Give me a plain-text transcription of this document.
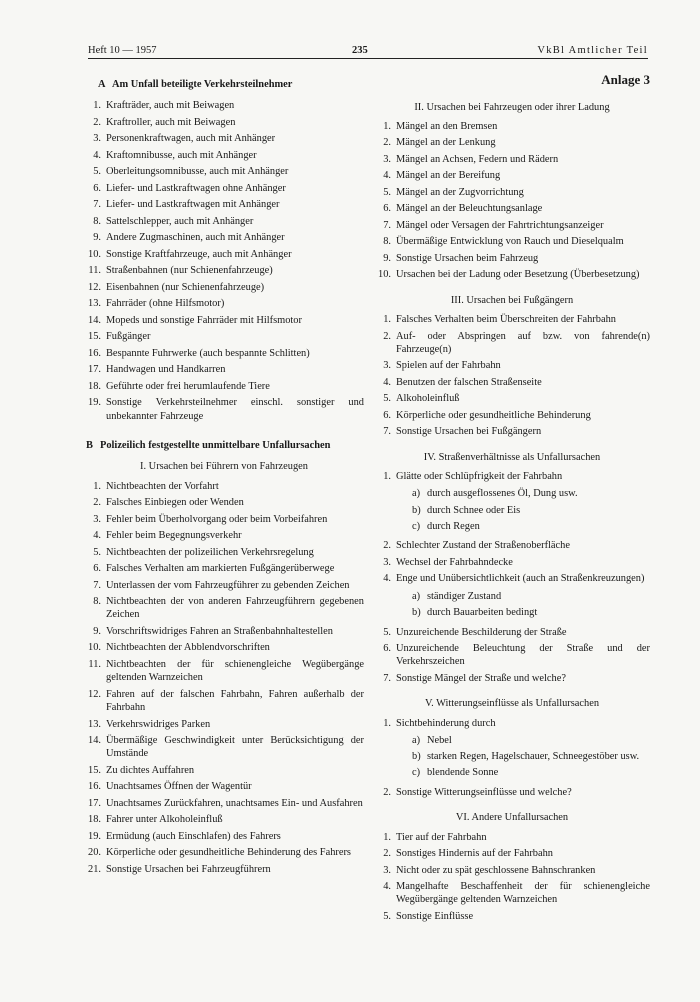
Heft 10 — 1957	235	VkBl Amtlicher Teil
A Am Unfall beteiligte Verkehrsteilnehmer
1. Krafträder, auch mit Beiwagen
2. Kraftroller, auch mit Beiwagen
3. Personenkraftwagen, auch mit Anhänger
4. Kraftomnibusse, auch mit Anhänger
5. Oberleitungsomnibusse, auch mit Anhänger
6. Liefer- und Lastkraftwagen ohne Anhänger
7. Liefer- und Lastkraftwagen mit Anhänger
8. Sattelschlepper, auch mit Anhänger
9. Andere Zugmaschinen, auch mit Anhänger
10. Sonstige Kraftfahrzeuge, auch mit Anhänger
11. Straßenbahnen (nur Schienenfahrzeuge)
12. Eisenbahnen (nur Schienenfahrzeuge)
13. Fahrräder (ohne Hilfsmotor)
14. Mopeds und sonstige Fahrräder mit Hilfsmotor
15. Fußgänger
16. Bespannte Fuhrwerke (auch bespannte Schlitten)
17. Handwagen und Handkarren
18. Geführte oder frei herumlaufende Tiere
19. Sonstige Verkehrsteilnehmer einschl. sonstiger und unbekannter Fahrzeuge
B Polizeilich festgestellte unmittelbare Unfallursachen
I. Ursachen bei Führern von Fahrzeugen
1. Nichtbeachten der Vorfahrt
2. Falsches Einbiegen oder Wenden
3. Fehler beim Überholvorgang oder beim Vorbeifahren
4. Fehler beim Begegnungsverkehr
5. Nichtbeachten der polizeilichen Verkehrsregelung
6. Falsches Verhalten am markierten Fußgängerüberwege
7. Unterlassen der vom Fahrzeugführer zu gebenden Zeichen
8. Nichtbeachten der von anderen Fahrzeugführern gegebenen Zeichen
9. Vorschriftswidriges Fahren an Straßenbahnhaltestellen
10. Nichtbeachten der Abblendvorschriften
11. Nichtbeachten der für schienengleiche Wegübergänge geltenden Warnzeichen
12. Fahren auf der falschen Fahrbahn, Fahren außerhalb der Fahrbahn
13. Verkehrswidriges Parken
14. Übermäßige Geschwindigkeit unter Berücksichtigung der Umstände
15. Zu dichtes Auffahren
16. Unachtsames Öffnen der Wagentür
17. Unachtsames Zurückfahren, unachtsames Ein- und Ausfahren
18. Fahrer unter Alkoholeinfluß
19. Ermüdung (auch Einschlafen) des Fahrers
20. Körperliche oder gesundheitliche Behinderung des Fahrers
21. Sonstige Ursachen bei Fahrzeugführern
Anlage 3
II. Ursachen bei Fahrzeugen oder ihrer Ladung
1. Mängel an den Bremsen
2. Mängel an der Lenkung
3. Mängel an Achsen, Federn und Rädern
4. Mängel an der Bereifung
5. Mängel an der Zugvorrichtung
6. Mängel an der Beleuchtungsanlage
7. Mängel oder Versagen der Fahrtrichtungsanzeiger
8. Übermäßige Entwicklung von Rauch und Dieselqualm
9. Sonstige Ursachen beim Fahrzeug
10. Ursachen bei der Ladung oder Besetzung (Überbesetzung)
III. Ursachen bei Fußgängern
1. Falsches Verhalten beim Überschreiten der Fahrbahn
2. Auf- oder Abspringen auf bzw. von fahrende(n) Fahrzeuge(n)
3. Spielen auf der Fahrbahn
4. Benutzen der falschen Straßenseite
5. Alkoholeinfluß
6. Körperliche oder gesundheitliche Behinderung
7. Sonstige Ursachen bei Fußgängern
IV. Straßenverhältnisse als Unfallursachen
1. Glätte oder Schlüpfrigkeit der Fahrbahn
a) durch ausgeflossenes Öl, Dung usw.
b) durch Schnee oder Eis
c) durch Regen
2. Schlechter Zustand der Straßenoberfläche
3. Wechsel der Fahrbahndecke
4. Enge und Unübersichtlichkeit (auch an Straßenkreuzungen)
a) ständiger Zustand
b) durch Bauarbeiten bedingt
5. Unzureichende Beschilderung der Straße
6. Unzureichende Beleuchtung der Straße und der Verkehrszeichen
7. Sonstige Mängel der Straße und welche?
V. Witterungseinflüsse als Unfallursachen
1. Sichtbehinderung durch
a) Nebel
b) starken Regen, Hagelschauer, Schneegestöber usw.
c) blendende Sonne
2. Sonstige Witterungseinflüsse und welche?
VI. Andere Unfallursachen
1. Tier auf der Fahrbahn
2. Sonstiges Hindernis auf der Fahrbahn
3. Nicht oder zu spät geschlossene Bahnschranken
4. Mangelhafte Beschaffenheit der für schienengleiche Wegübergänge geltenden Warnzeichen
5. Sonstige Einflüsse
